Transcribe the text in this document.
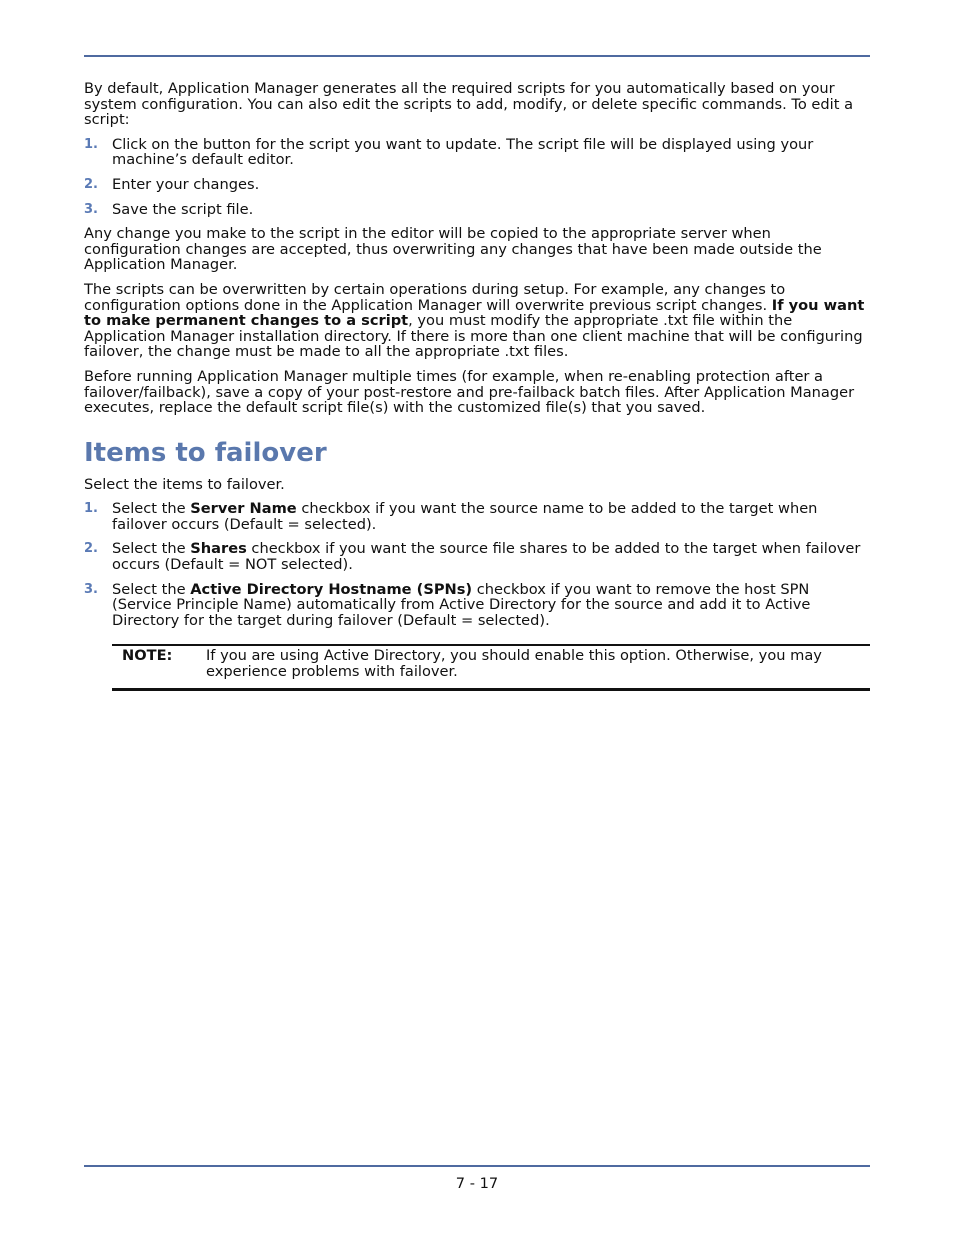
By default, Application Manager generates all the required scripts for you automatically based on your system configuration. You can also edit the scripts to add, modify, or delete specific commands. To edit a script:

1. Click on the button for the script you want to update. The script file will be displayed using your machine’s default editor.
2. Enter your changes.
3. Save the script file.

Any change you make to the script in the editor will be copied to the appropriate server when configuration changes are accepted, thus overwriting any changes that have been made outside the Application Manager.

The scripts can be overwritten by certain operations during setup. For example, any changes to configuration options done in the Application Manager will overwrite previous script changes. If you want to make permanent changes to a script, you must modify the appropriate .txt file within the Application Manager installation directory. If there is more than one client machine that will be configuring failover, the change must be made to all the appropriate .txt files.

Before running Application Manager multiple times (for example, when re-enabling protection after a failover/failback), save a copy of your post-restore and pre-failback batch files. After Application Manager executes, replace the default script file(s) with the customized file(s) that you saved.

Items to failover

Select the items to failover.

1. Select the Server Name checkbox if you want the source name to be added to the target when failover occurs (Default = selected).
2. Select the Shares checkbox if you want the source file shares to be added to the target when failover occurs (Default = NOT selected).
3. Select the Active Directory Hostname (SPNs) checkbox if you want to remove the host SPN (Service Principle Name) automatically from Active Directory for the source and add it to Active Directory for the target during failover (Default = selected).
NOTE:	If you are using Active Directory, you should enable this option. Otherwise, you may experience problems with failover.
7 - 17
